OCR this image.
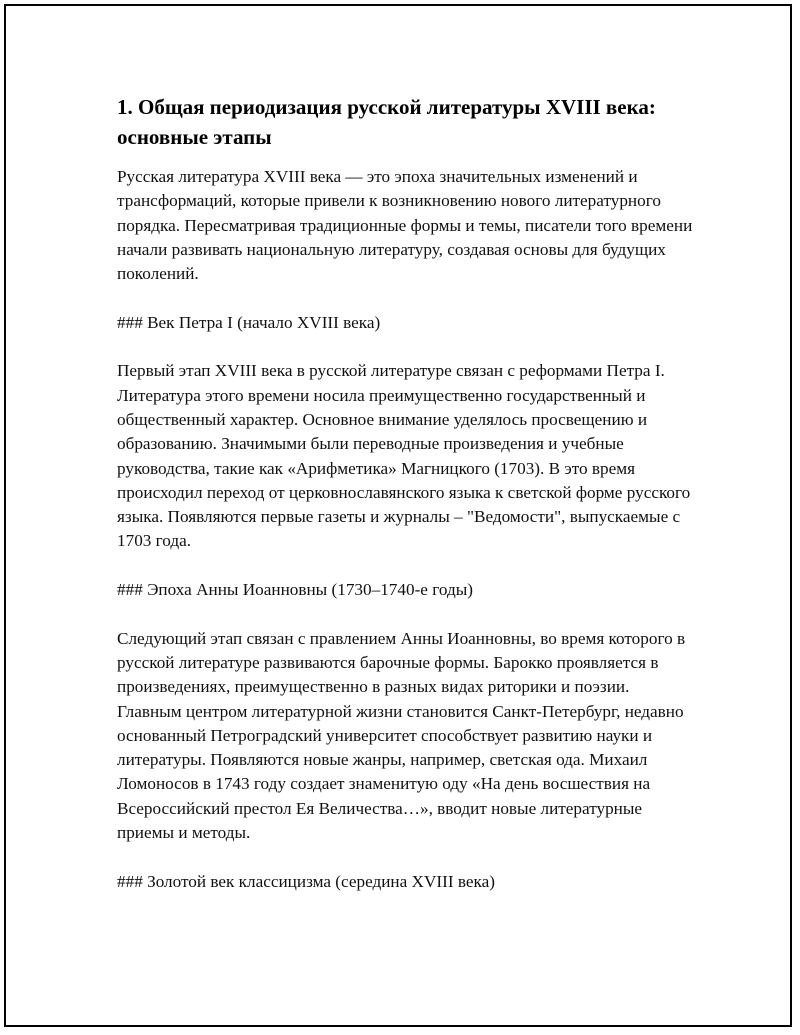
1. Общая периодизация русской литературы XVIII века: основные этапы

Русская литература XVIII века — это эпоха значительных изменений и трансформаций, которые привели к возникновению нового литературного порядка. Пересматривая традиционные формы и темы, писатели того времени начали развивать национальную литературу, создавая основы для будущих поколений.

### Век Петра I (начало XVIII века)

Первый этап XVIII века в русской литературе связан с реформами Петра I. Литература этого времени носила преимущественно государственный и общественный характер. Основное внимание уделялось просвещению и образованию. Значимыми были переводные произведения и учебные руководства, такие как «Арифметика» Магницкого (1703). В это время происходил переход от церковнославянского языка к светской форме русского языка. Появляются первые газеты и журналы – "Ведомости", выпускаемые с 1703 года.

### Эпоха Анны Иоанновны (1730–1740-е годы)

Следующий этап связан с правлением Анны Иоанновны, во время которого в русской литературе развиваются барочные формы. Барокко проявляется в произведениях, преимущественно в разных видах риторики и поэзии. Главным центром литературной жизни становится Санкт-Петербург, недавно основанный Петроградский университет способствует развитию науки и литературы. Появляются новые жанры, например, светская ода. Михаил Ломоносов в 1743 году создает знаменитую оду «На день восшествия на Всероссийский престол Ея Величества…», вводит новые литературные приемы и методы.

### Золотой век классицизма (середина XVIII века)
